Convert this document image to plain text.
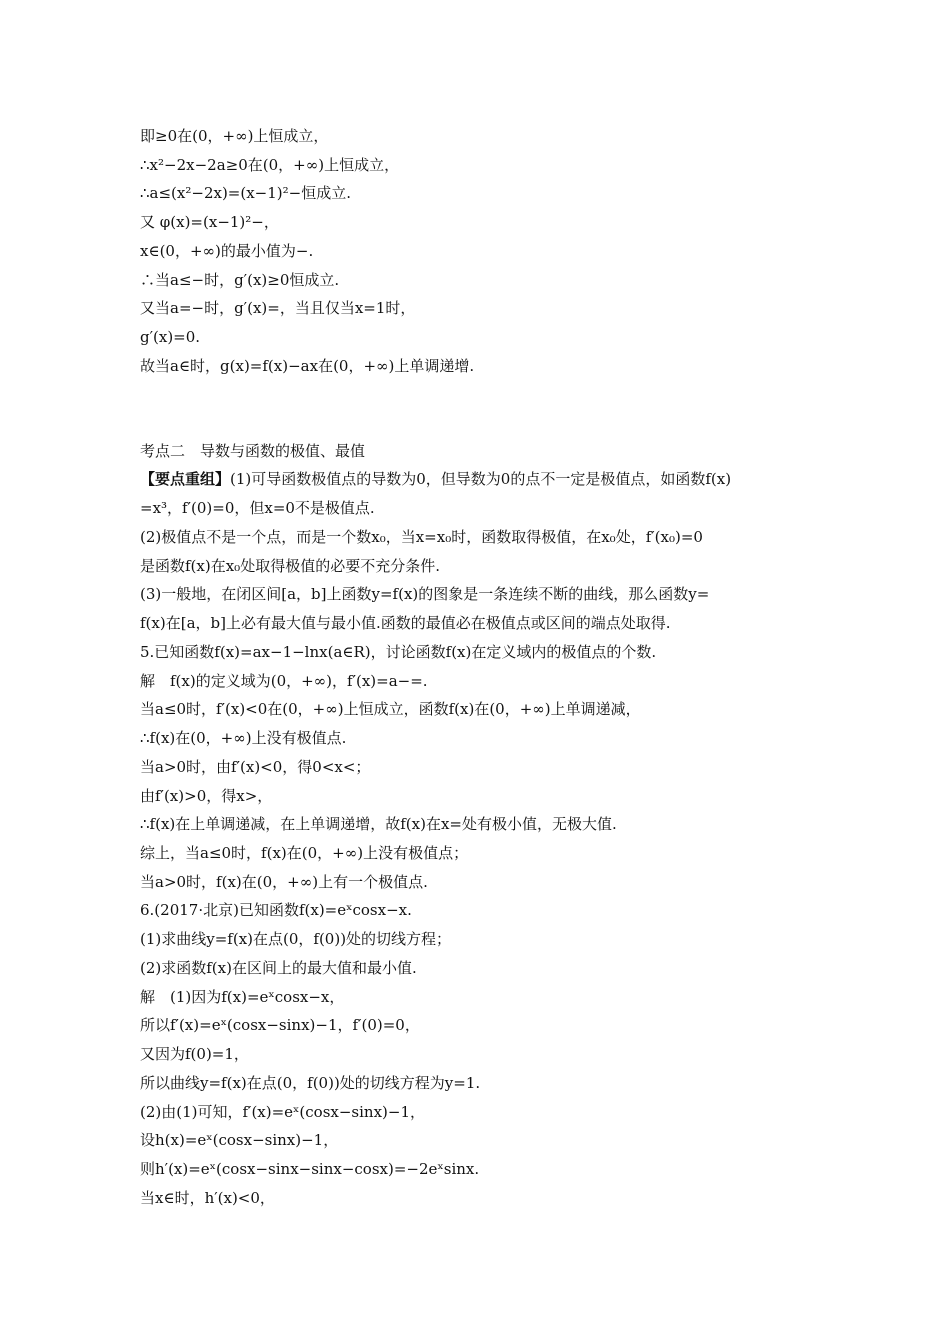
即≥0在(0，+∞)上恒成立，
∴x²−2x−2a≥0在(0，+∞)上恒成立，
∴a≤(x²−2x)=(x−1)²−恒成立.
又 φ(x)=(x−1)²−，
x∈(0，+∞)的最小值为−.
∴当a≤−时，g′(x)≥0恒成立.
又当a=−时，g′(x)=，当且仅当x=1时，
g′(x)=0.
故当a∈时，g(x)=f(x)−ax在(0，+∞)上单调递增.
考点二　导数与函数的极值、最值
【要点重组】(1)可导函数极值点的导数为0，但导数为0的点不一定是极值点，如函数f(x)
=x³，f′(0)=0，但x=0不是极值点.
(2)极值点不是一个点，而是一个数x₀，当x=x₀时，函数取得极值，在x₀处，f′(x₀)=0
是函数f(x)在x₀处取得极值的必要不充分条件.
(3)一般地，在闭区间[a，b]上函数y=f(x)的图象是一条连续不断的曲线，那么函数y=
f(x)在[a，b]上必有最大值与最小值.函数的最值必在极值点或区间的端点处取得.
5.已知函数f(x)=ax−1−lnx(a∈R)，讨论函数f(x)在定义域内的极值点的个数.
解　f(x)的定义域为(0，+∞)，f′(x)=a−=.
当a≤0时，f′(x)<0在(0，+∞)上恒成立，函数f(x)在(0，+∞)上单调递减，
∴f(x)在(0，+∞)上没有极值点.
当a>0时，由f′(x)<0，得0<x<；
由f′(x)>0，得x>，
∴f(x)在上单调递减，在上单调递增，故f(x)在x=处有极小值，无极大值.
综上，当a≤0时，f(x)在(0，+∞)上没有极值点；
当a>0时，f(x)在(0，+∞)上有一个极值点.
6.(2017·北京)已知函数f(x)=eˣcosx−x.
(1)求曲线y=f(x)在点(0，f(0))处的切线方程；
(2)求函数f(x)在区间上的最大值和最小值.
解　(1)因为f(x)=eˣcosx−x，
所以f′(x)=eˣ(cosx−sinx)−1，f′(0)=0，
又因为f(0)=1，
所以曲线y=f(x)在点(0，f(0))处的切线方程为y=1.
(2)由(1)可知，f′(x)=eˣ(cosx−sinx)−1，
设h(x)=eˣ(cosx−sinx)−1，
则h′(x)=eˣ(cosx−sinx−sinx−cosx)=−2eˣsinx.
当x∈时，h′(x)<0，
